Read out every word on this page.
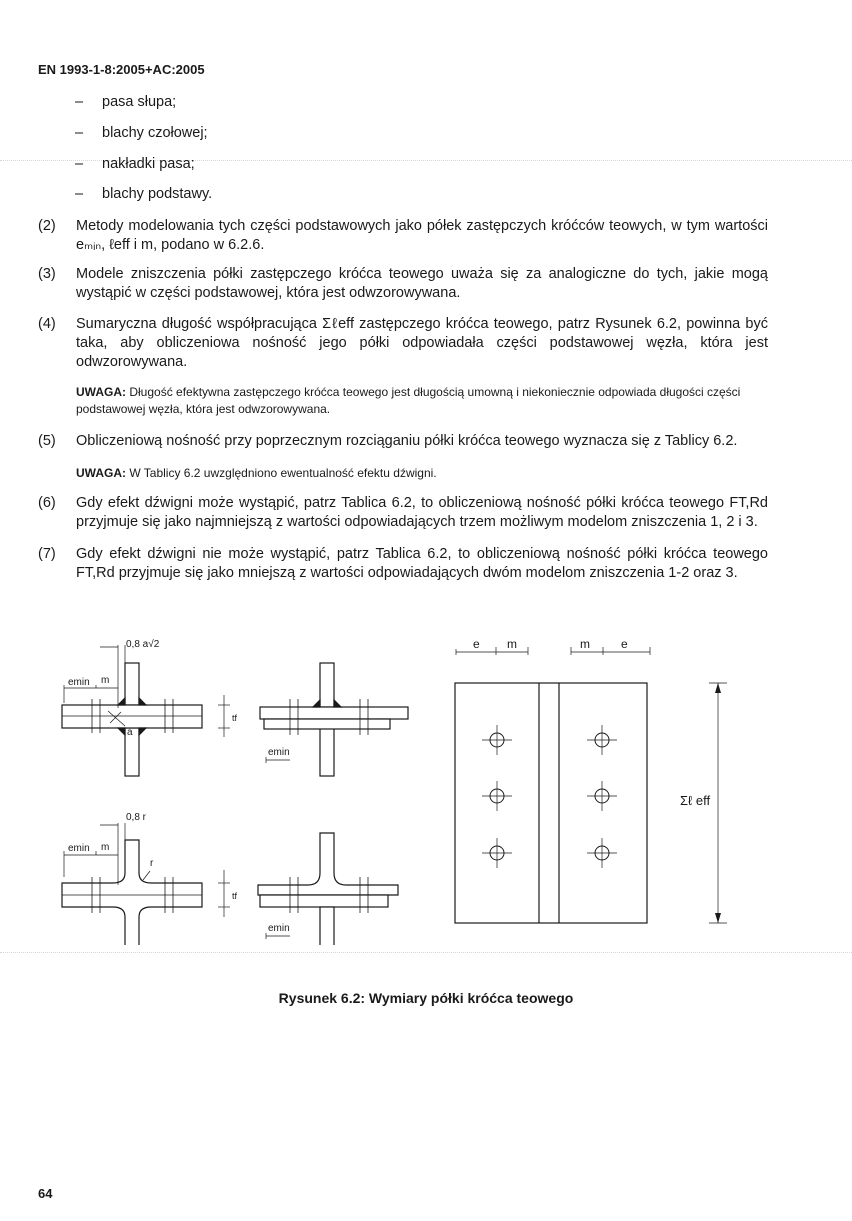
EN 1993-1-8:2005+AC:2005
– pasa słupa;
– blachy czołowej;
– nakładki pasa;
– blachy podstawy.
(2) Metody modelowania tych części podstawowych jako półek zastępczych króćców teowych, w tym wartości eₘᵢₙ, ℓeff i m, podano w 6.2.6.
(3) Modele zniszczenia półki zastępczego króćca teowego uważa się za analogiczne do tych, jakie mogą wystąpić w części podstawowej, która jest odwzorowywana.
(4) Sumaryczna długość współpracująca Σℓeff zastępczego króćca teowego, patrz Rysunek 6.2, powinna być taka, aby obliczeniowa nośność jego półki odpowiadała części podstawowej węzła, która jest odwzorowywana.
UWAGA: Długość efektywna zastępczego króćca teowego jest długością umowną i niekoniecznie odpowiada długości części podstawowej węzła, która jest odwzorowywana.
(5) Obliczeniową nośność przy poprzecznym rozciąganiu półki króćca teowego wyznacza się z Tablicy 6.2.
UWAGA: W Tablicy 6.2 uwzględniono ewentualność efektu dźwigni.
(6) Gdy efekt dźwigni może wystąpić, patrz Tablica 6.2, to obliczeniową nośność półki króćca teowego FT,Rd przyjmuje się jako najmniejszą z wartości odpowiadających trzem możliwym modelom zniszczenia 1, 2 i 3.
(7) Gdy efekt dźwigni nie może wystąpić, patrz Tablica 6.2, to obliczeniową nośność półki króćca teowego FT,Rd przyjmuje się jako mniejszą z wartości odpowiadających dwóm modelom zniszczenia 1-2 oraz 3.
0,8 a√2
emin m
a
tf
emin
0,8 r
emin m
r
tf
emin
e m	m	e
Σℓ eff
Rysunek 6.2: Wymiary półki króćca teowego
64
